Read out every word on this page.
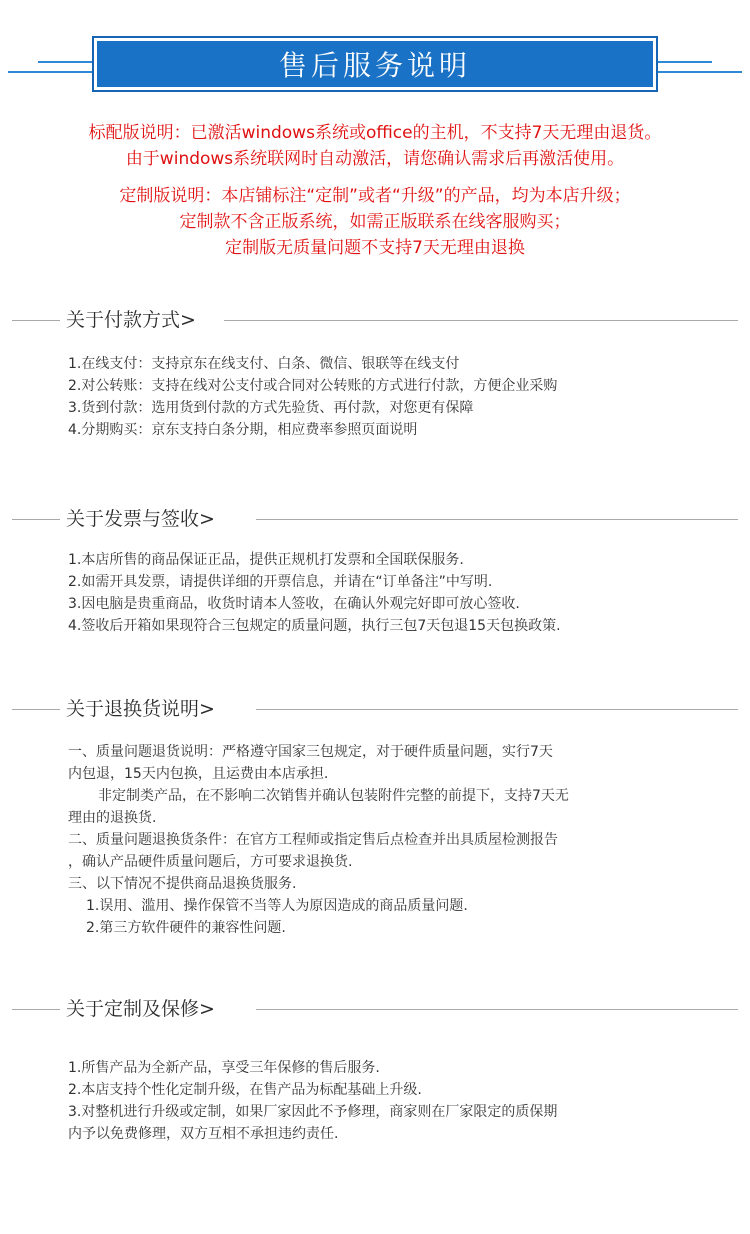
售后服务说明
标配版说明：已激活windows系统或office的主机，不支持7天无理由退货。
由于windows系统联网时自动激活，请您确认需求后再激活使用。
定制版说明：本店铺标注“定制”或者“升级”的产品，均为本店升级；
定制款不含正版系统，如需正版联系在线客服购买；
定制版无质量问题不支持7天无理由退换
关于付款方式>
1.在线支付：支持京东在线支付、白条、微信、银联等在线支付
2.对公转账：支持在线对公支付或合同对公转账的方式进行付款，方便企业采购
3.货到付款：选用货到付款的方式先验货、再付款，对您更有保障
4.分期购买：京东支持白条分期，相应费率参照页面说明
关于发票与签收>
1.本店所售的商品保证正品，提供正规机打发票和全国联保服务.
2.如需开具发票，请提供详细的开票信息，并请在“订单备注”中写明.
3.因电脑是贵重商品，收货时请本人签收，在确认外观完好即可放心签收.
4.签收后开箱如果现符合三包规定的质量问题，执行三包7天包退15天包换政策.
关于退换货说明>
一、质量问题退货说明：严格遵守国家三包规定，对于硬件质量问题，实行7天
内包退，15天内包换，且运费由本店承担.
非定制类产品，在不影响二次销售并确认包装附件完整的前提下，支持7天无
理由的退换货.
二、质量问题退换货条件：在官方工程师或指定售后点检查并出具质屋检测报告
，确认产品硬件质量问题后，方可要求退换货.
三、以下情况不提供商品退换货服务.
1.误用、滥用、操作保管不当等人为原因造成的商品质量问题.
2.第三方软件硬件的兼容性问题.
关于定制及保修>
1.所售产品为全新产品，享受三年保修的售后服务.
2.本店支持个性化定制升级，在售产品为标配基础上升级.
3.对整机进行升级或定制，如果厂家因此不予修理，商家则在厂家限定的质保期
内予以免费修理，双方互相不承担违约责任.
